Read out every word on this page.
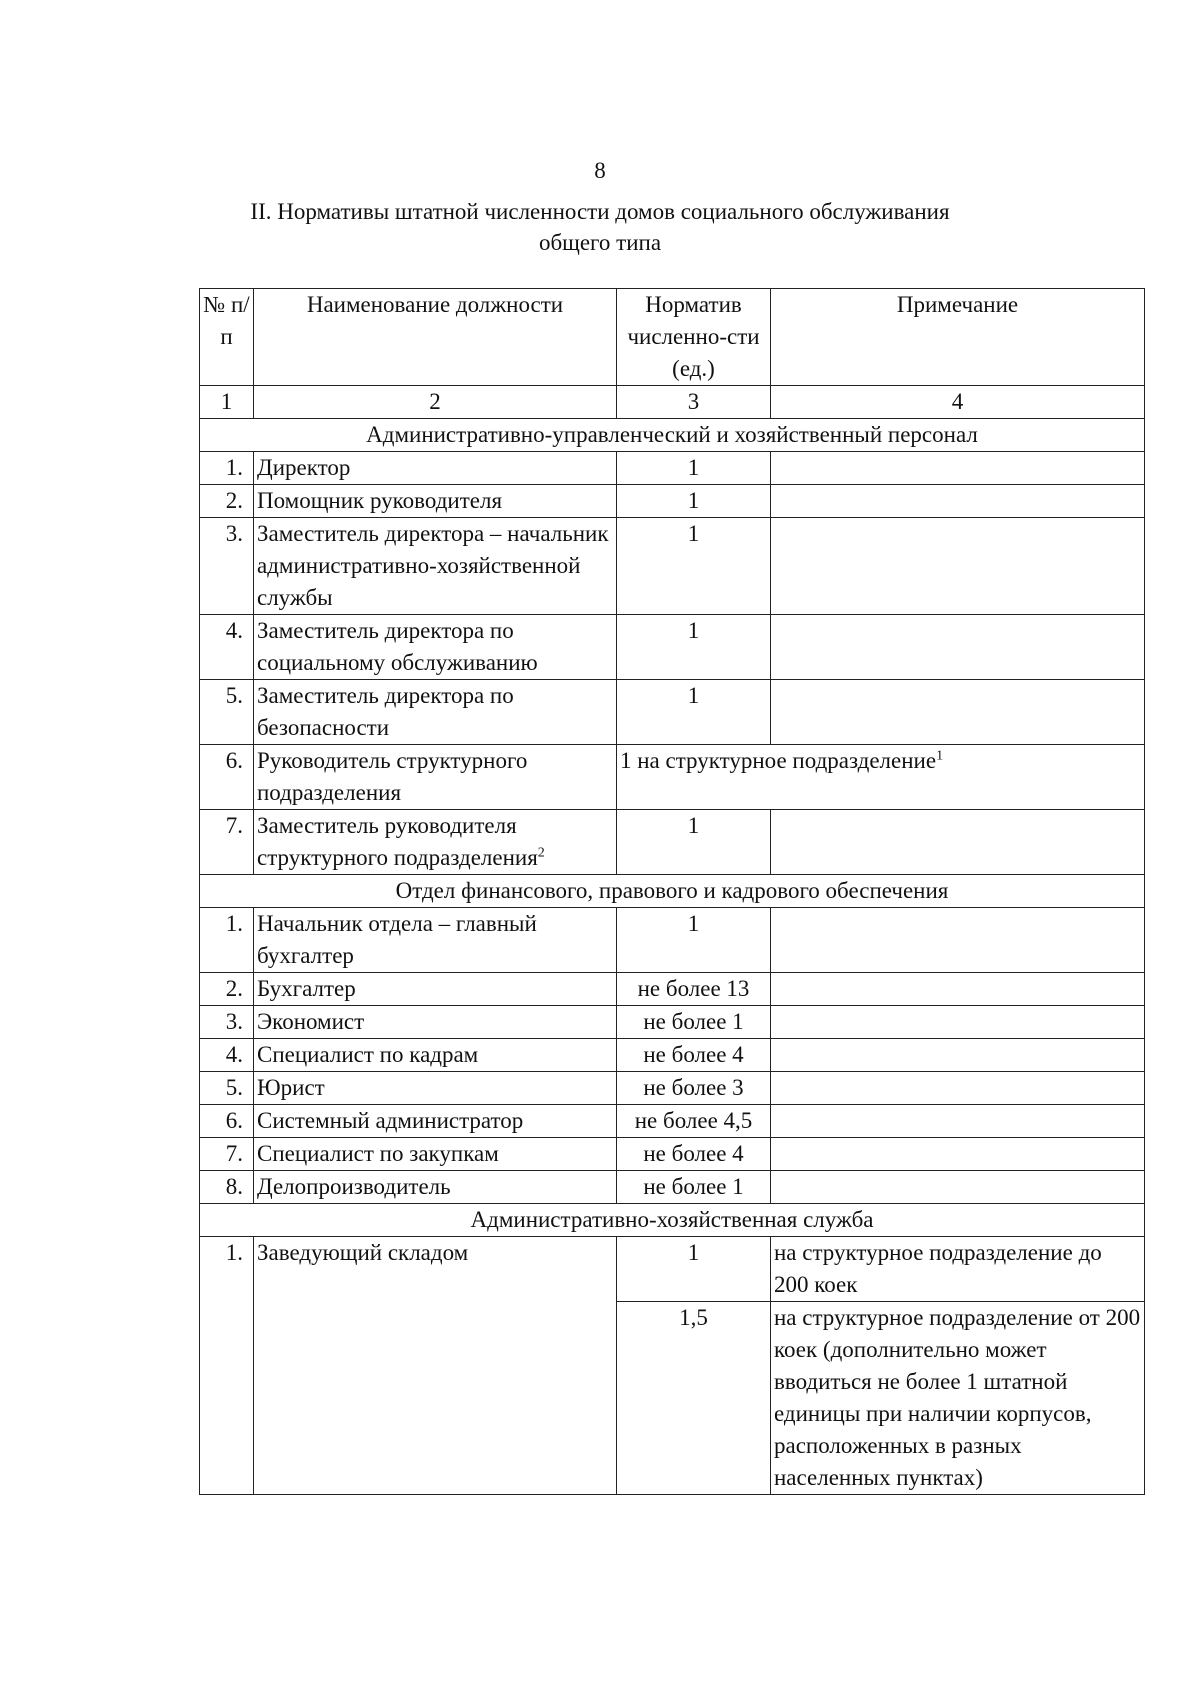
8
II. Нормативы штатной численности домов социального обслуживания
общего типа
№ п/п	Наименование должности	Норматив численно-сти (ед.)	Примечание
1	2	3	4
Административно-управленческий и хозяйственный персонал			
1.	Директор	1	
2.	Помощник руководителя	1	
3.	Заместитель директора – начальник административно-хозяйственной службы	1	
4.	Заместитель директора по социальному обслуживанию	1	
5.	Заместитель директора по безопасности	1	
6.	Руководитель структурного подразделения	1 на структурное подразделение$^1$
7.	Заместитель руководителя структурного подразделения$^2$	1	
Отдел финансового, правового и кадрового обеспечения			
1.	Начальник отдела – главный бухгалтер	1	
2.	Бухгалтер	не более 13	
3.	Экономист	не более 1	
4.	Специалист по кадрам	не более 4	
5.	Юрист	не более 3	
6.	Системный администратор	не более 4,5	
7.	Специалист по закупкам	не более 4	
8.	Делопроизводитель	не более 1	
Административно-хозяйственная служба			
1.	Заведующий складом	1	на структурное подразделение до 200 коек
		1,5	на структурное подразделение от 200 коек (дополнительно может вводиться не более 1 штатной единицы при наличии корпусов, расположенных в разных населенных пунктах)
